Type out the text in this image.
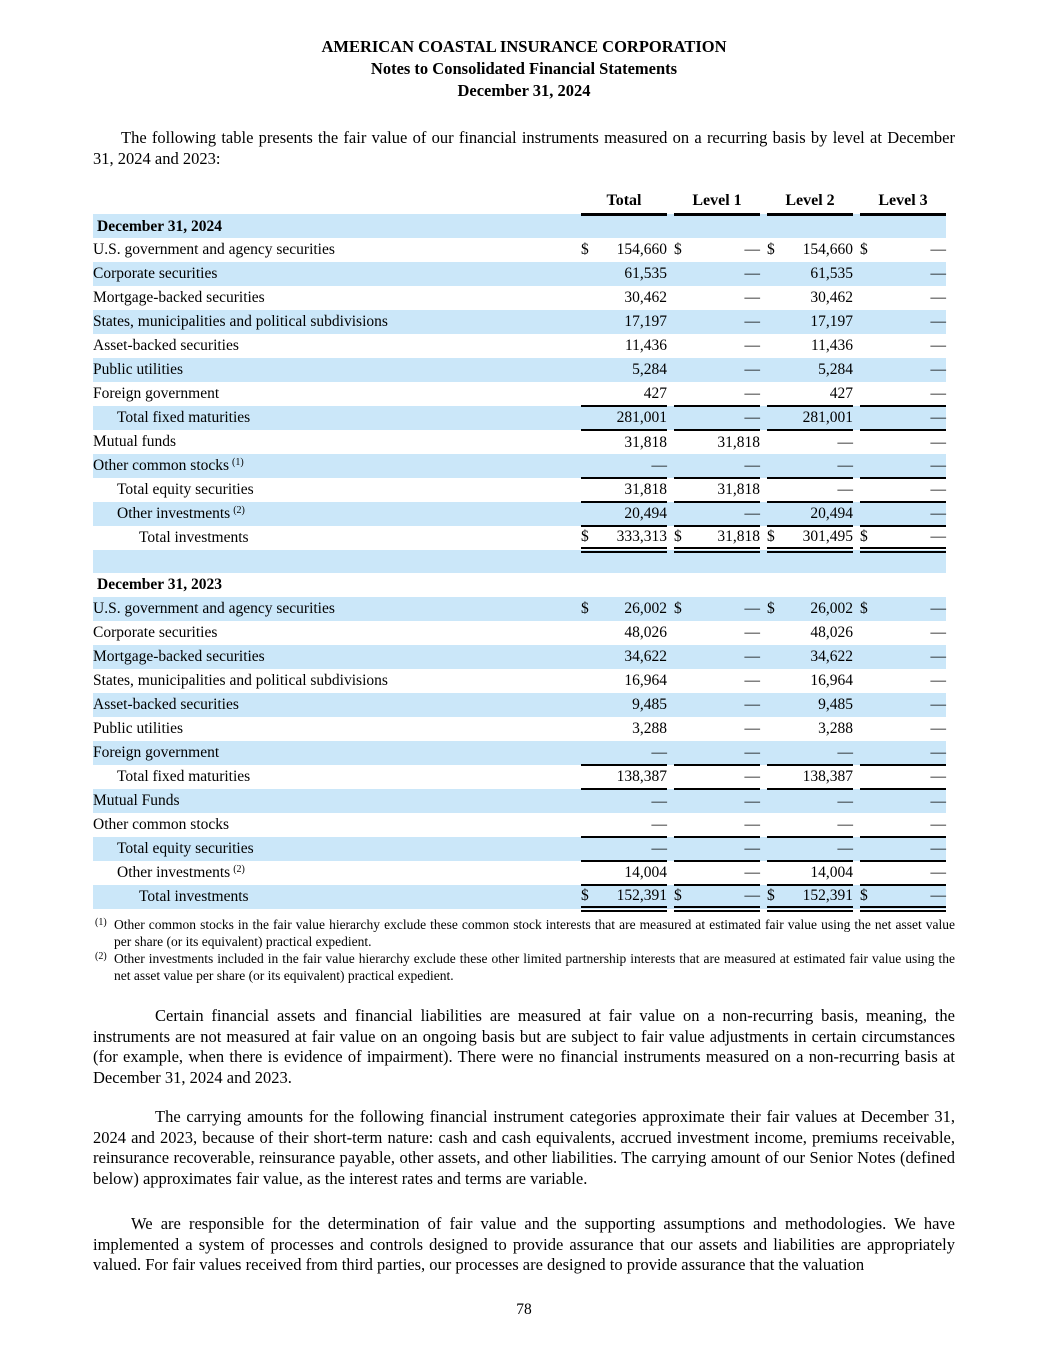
AMERICAN COASTAL INSURANCE CORPORATION
Notes to Consolidated Financial Statements
December 31, 2024

The following table presents the fair value of our financial instruments measured on a recurring basis by level at December 31, 2024 and 2023:

	Total		Level 1		Level 2		Level 3
December 31, 2024							
U.S. government and agency securities	$ 154,660		$ —		$ 154,660		$ —
Corporate securities	61,535		—		61,535		—
Mortgage-backed securities	30,462		—		30,462		—
States, municipalities and political subdivisions	17,197		—		17,197		—
Asset-backed securities	11,436		—		11,436		—
Public utilities	5,284		—		5,284		—
Foreign government	427		—		427		—
Total fixed maturities	281,001		—		281,001		—
Mutual funds	31,818		31,818		—		—
Other common stocks $^{(1)}$	—		—		—		—
Total equity securities	31,818		31,818		—		—
Other investments $^{(2)}$	20,494		—		20,494		—
Total investments	$ 333,313		$ 31,818		$ 301,495		$ —

December 31, 2023							
U.S. government and agency securities	$ 26,002		$ —		$ 26,002		$ —
Corporate securities	48,026		—		48,026		—
Mortgage-backed securities	34,622		—		34,622		—
States, municipalities and political subdivisions	16,964		—		16,964		—
Asset-backed securities	9,485		—		9,485		—
Public utilities	3,288		—		3,288		—
Foreign government	—		—		—		—
Total fixed maturities	138,387		—		138,387		—
Mutual Funds	—		—		—		—
Other common stocks	—		—		—		—
Total equity securities	—		—		—		—
Other investments $^{(2)}$	14,004		—		14,004		—
Total investments	$ 152,391		$ —		$ 152,391		$ —
(1) Other common stocks in the fair value hierarchy exclude these common stock interests that are measured at estimated fair value using the net asset value per share (or its equivalent) practical expedient.
(2) Other investments included in the fair value hierarchy exclude these other limited partnership interests that are measured at estimated fair value using the net asset value per share (or its equivalent) practical expedient.

Certain financial assets and financial liabilities are measured at fair value on a non-recurring basis, meaning, the instruments are not measured at fair value on an ongoing basis but are subject to fair value adjustments in certain circumstances (for example, when there is evidence of impairment). There were no financial instruments measured on a non-recurring basis at December 31, 2024 and 2023.

The carrying amounts for the following financial instrument categories approximate their fair values at December 31, 2024 and 2023, because of their short-term nature: cash and cash equivalents, accrued investment income, premiums receivable, reinsurance recoverable, reinsurance payable, other assets, and other liabilities. The carrying amount of our Senior Notes (defined below) approximates fair value, as the interest rates and terms are variable.

We are responsible for the determination of fair value and the supporting assumptions and methodologies. We have implemented a system of processes and controls designed to provide assurance that our assets and liabilities are appropriately valued. For fair values received from third parties, our processes are designed to provide assurance that the valuation

78
